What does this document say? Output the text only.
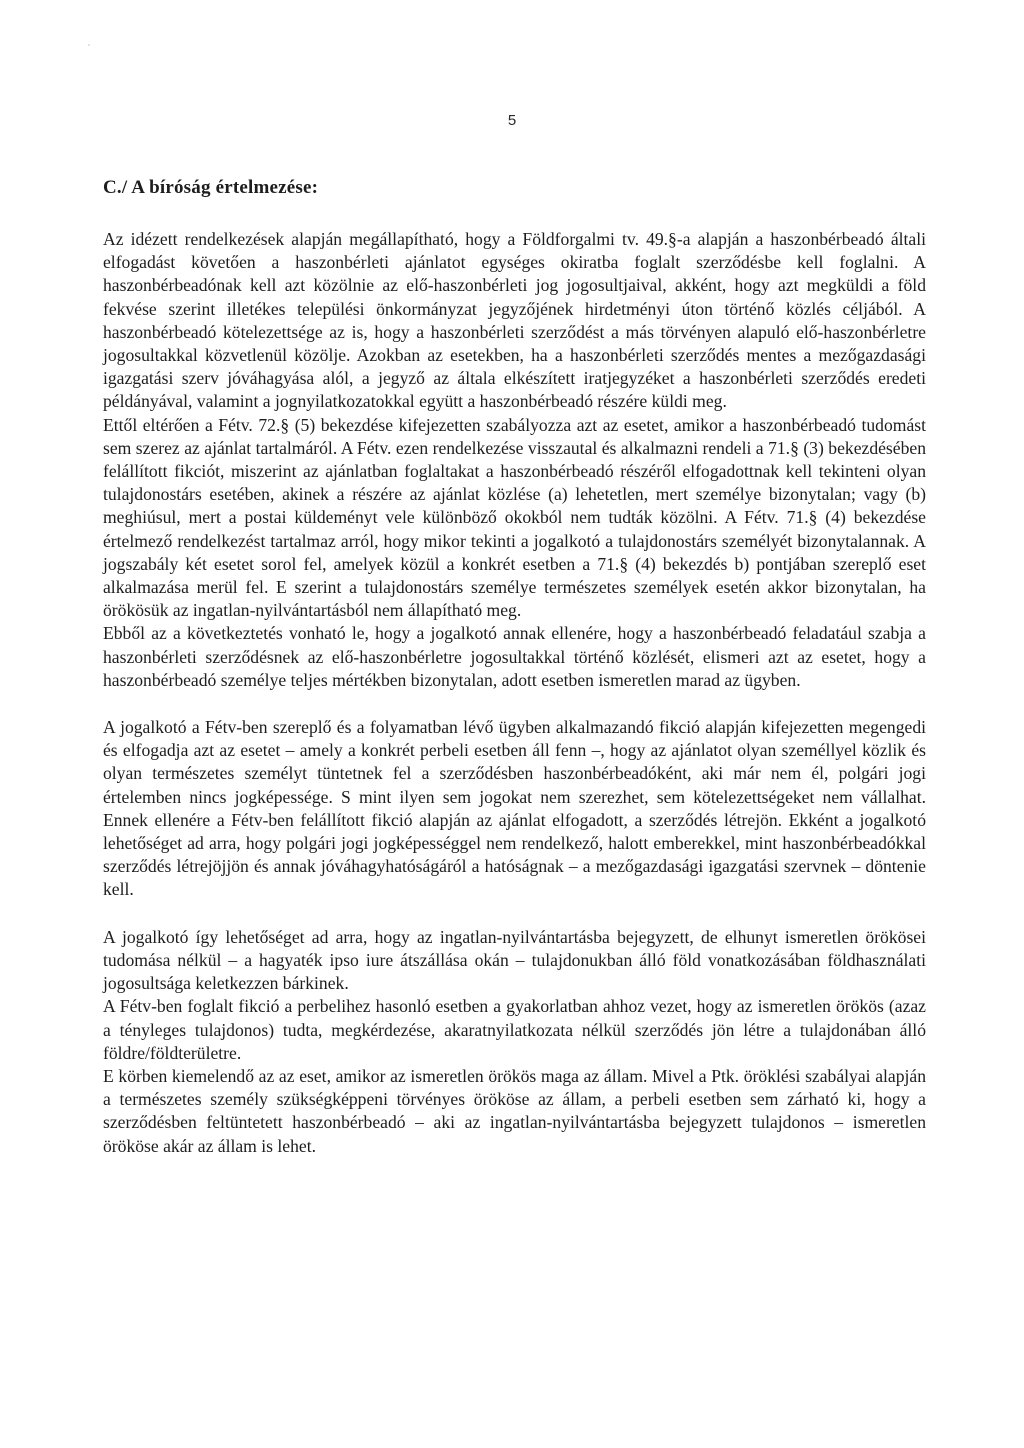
5
C./ A bíróság értelmezése:

Az idézett rendelkezések alapján megállapítható, hogy a Földforgalmi tv. 49.§-a alapján a haszonbérbeadó általi elfogadást követően a haszonbérleti ajánlatot egységes okiratba foglalt szerződésbe kell foglalni. A haszonbérbeadónak kell azt közölnie az elő-haszonbérleti jog jogosultjaival, akként, hogy azt megküldi a föld fekvése szerint illetékes települési önkormányzat jegyzőjének hirdetményi úton történő közlés céljából. A haszonbérbeadó kötelezettsége az is, hogy a haszonbérleti szerződést a más törvényen alapuló elő-haszonbérletre jogosultakkal közvetlenül közölje. Azokban az esetekben, ha a haszonbérleti szerződés mentes a mezőgazdasági igazgatási szerv jóváhagyása alól, a jegyző az általa elkészített iratjegyzéket a haszonbérleti szerződés eredeti példányával, valamint a jognyilatkozatokkal együtt a haszonbérbeadó részére küldi meg.

Ettől eltérően a Fétv. 72.§ (5) bekezdése kifejezetten szabályozza azt az esetet, amikor a haszonbérbeadó tudomást sem szerez az ajánlat tartalmáról. A Fétv. ezen rendelkezése visszautal és alkalmazni rendeli a 71.§ (3) bekezdésében felállított fikciót, miszerint az ajánlatban foglaltakat a haszonbérbeadó részéről elfogadottnak kell tekinteni olyan tulajdonostárs esetében, akinek a részére az ajánlat közlése (a) lehetetlen, mert személye bizonytalan; vagy (b) meghiúsul, mert a postai küldeményt vele különböző okokból nem tudták közölni. A Fétv. 71.§ (4) bekezdése értelmező rendelkezést tartalmaz arról, hogy mikor tekinti a jogalkotó a tulajdonostárs személyét bizonytalannak. A jogszabály két esetet sorol fel, amelyek közül a konkrét esetben a 71.§ (4) bekezdés b) pontjában szereplő eset alkalmazása merül fel. E szerint a tulajdonostárs személye természetes személyek esetén akkor bizonytalan, ha örökösük az ingatlan-nyilvántartásból nem állapítható meg.

Ebből az a következtetés vonható le, hogy a jogalkotó annak ellenére, hogy a haszonbérbeadó feladatául szabja a haszonbérleti szerződésnek az elő-haszonbérletre jogosultakkal történő közlését, elismeri azt az esetet, hogy a haszonbérbeadó személye teljes mértékben bizonytalan, adott esetben ismeretlen marad az ügyben.

A jogalkotó a Fétv-ben szereplő és a folyamatban lévő ügyben alkalmazandó fikció alapján kifejezetten megengedi és elfogadja azt az esetet – amely a konkrét perbeli esetben áll fenn –, hogy az ajánlatot olyan személlyel közlik és olyan természetes személyt tüntetnek fel a szerződésben haszonbérbeadóként, aki már nem él, polgári jogi értelemben nincs jogképessége. S mint ilyen sem jogokat nem szerezhet, sem kötelezettségeket nem vállalhat. Ennek ellenére a Fétv-ben felállított fikció alapján az ajánlat elfogadott, a szerződés létrejön. Ekként a jogalkotó lehetőséget ad arra, hogy polgári jogi jogképességgel nem rendelkező, halott emberekkel, mint haszonbérbeadókkal szerződés létrejöjjön és annak jóváhagyhatóságáról a hatóságnak – a mezőgazdasági igazgatási szervnek – döntenie kell.

A jogalkotó így lehetőséget ad arra, hogy az ingatlan-nyilvántartásba bejegyzett, de elhunyt ismeretlen örökösei tudomása nélkül – a hagyaték ipso iure átszállása okán – tulajdonukban álló föld vonatkozásában földhasználati jogosultsága keletkezzen bárkinek.

A Fétv-ben foglalt fikció a perbelihez hasonló esetben a gyakorlatban ahhoz vezet, hogy az ismeretlen örökös (azaz a tényleges tulajdonos) tudta, megkérdezése, akaratnyilatkozata nélkül szerződés jön létre a tulajdonában álló földre/földterületre.

E körben kiemelendő az az eset, amikor az ismeretlen örökös maga az állam. Mivel a Ptk. öröklési szabályai alapján a természetes személy szükségképpeni törvényes örököse az állam, a perbeli esetben sem zárható ki, hogy a szerződésben feltüntetett haszonbérbeadó – aki az ingatlan-nyilvántartásba bejegyzett tulajdonos – ismeretlen örököse akár az állam is lehet.
